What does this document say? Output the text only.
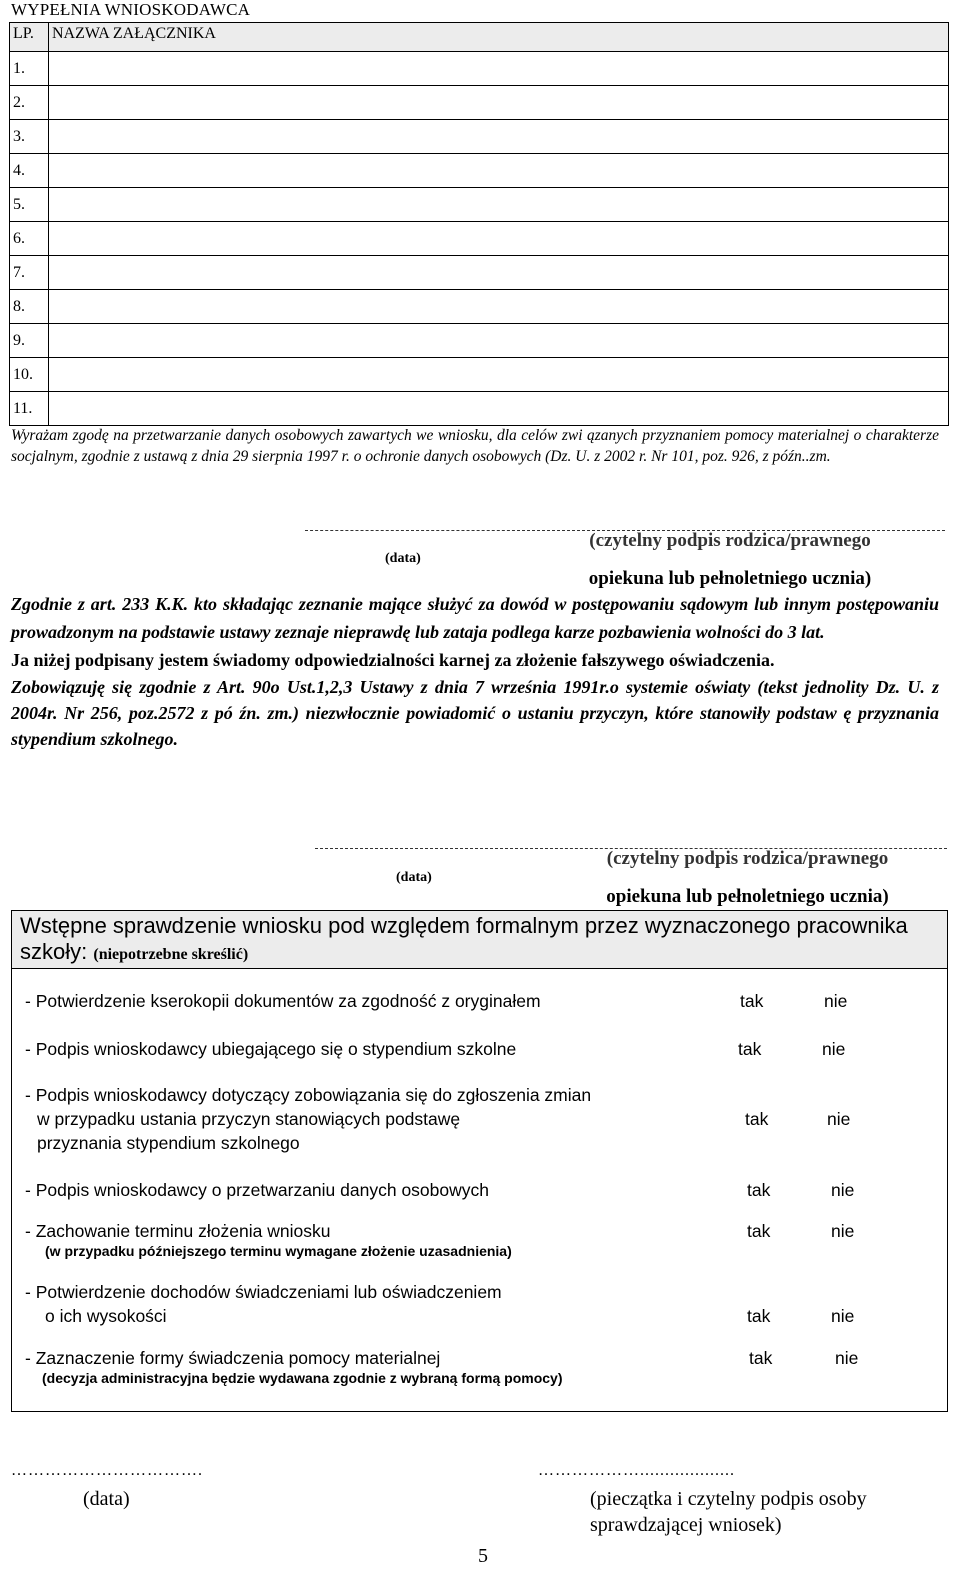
WYPEŁNIA WNIOSKODAWCA
LP.	NAZWA ZAŁĄCZNIKA
1.	
2.	
3.	
4.	
5.	
6.	
7.	
8.	
9.	
10.	
11.	
Wyrażam zgodę na przetwarzanie danych osobowych zawartych we wniosku, dla celów zwi ązanych przyznaniem pomocy materialnej o charakterze socjalnym, zgodnie z ustawą z dnia 29 sierpnia 1997 r. o ochronie danych osobowych (Dz. U. z 2002 r. Nr 101, poz. 926, z późn..zm.
(data)
(czytelny podpis rodzica/prawnego
opiekuna lub pełnoletniego ucznia)

Zgodnie z art. 233 K.K. kto składając zeznanie mające służyć za dowód w postępowaniu sądowym lub innym postępowaniu prowadzonym na podstawie ustawy zeznaje nieprawdę lub zataja podlega karze pozbawienia wolności do 3 lat.

Ja niżej podpisany jestem świadomy odpowiedzialności karnej za złożenie fałszywego oświadczenia.

Zobowiązuję się zgodnie z Art. 90o Ust.1,2,3 Ustawy z dnia 7 września 1991r.o systemie oświaty (tekst jednolity Dz. U. z 2004r. Nr 256, poz.2572 z pó źn. zm.) niezwłocznie powiadomić o ustaniu przyczyn, które stanowiły podstaw ę przyznania stypendium szkolnego.

(data)
(czytelny podpis rodzica/prawnego
opiekuna lub pełnoletniego ucznia)
Wstępne sprawdzenie wniosku pod względem formalnym przez wyznaczonego pracownika szkoły: (niepotrzebne skreślić)
- Potwierdzenie kserokopii dokumentów za zgodność z oryginałem	tak	nie
- Podpis wnioskodawcy ubiegającego się o stypendium szkolne	tak	nie
- Podpis wnioskodawcy dotyczący zobowiązania się do zgłoszenia zmian
w przypadku ustania przyczyn stanowiących podstawę
przyznania stypendium szkolnego
tak	nie
- Podpis wnioskodawcy o przetwarzaniu danych osobowych	tak	nie
- Zachowanie terminu złożenia wniosku
(w przypadku późniejszego terminu wymagane złożenie uzasadnienia)
tak	nie
- Potwierdzenie dochodów świadczeniami lub oświadczeniem
o ich wysokości	tak	nie
- Zaznaczenie formy świadczenia pomocy materialnej
(decyzja administracyjna będzie wydawana zgodnie z wybraną formą pomocy)
tak	nie
…………………………….
(data)
………………...................
(pieczątka i czytelny podpis osoby
sprawdzającej wniosek)
5
